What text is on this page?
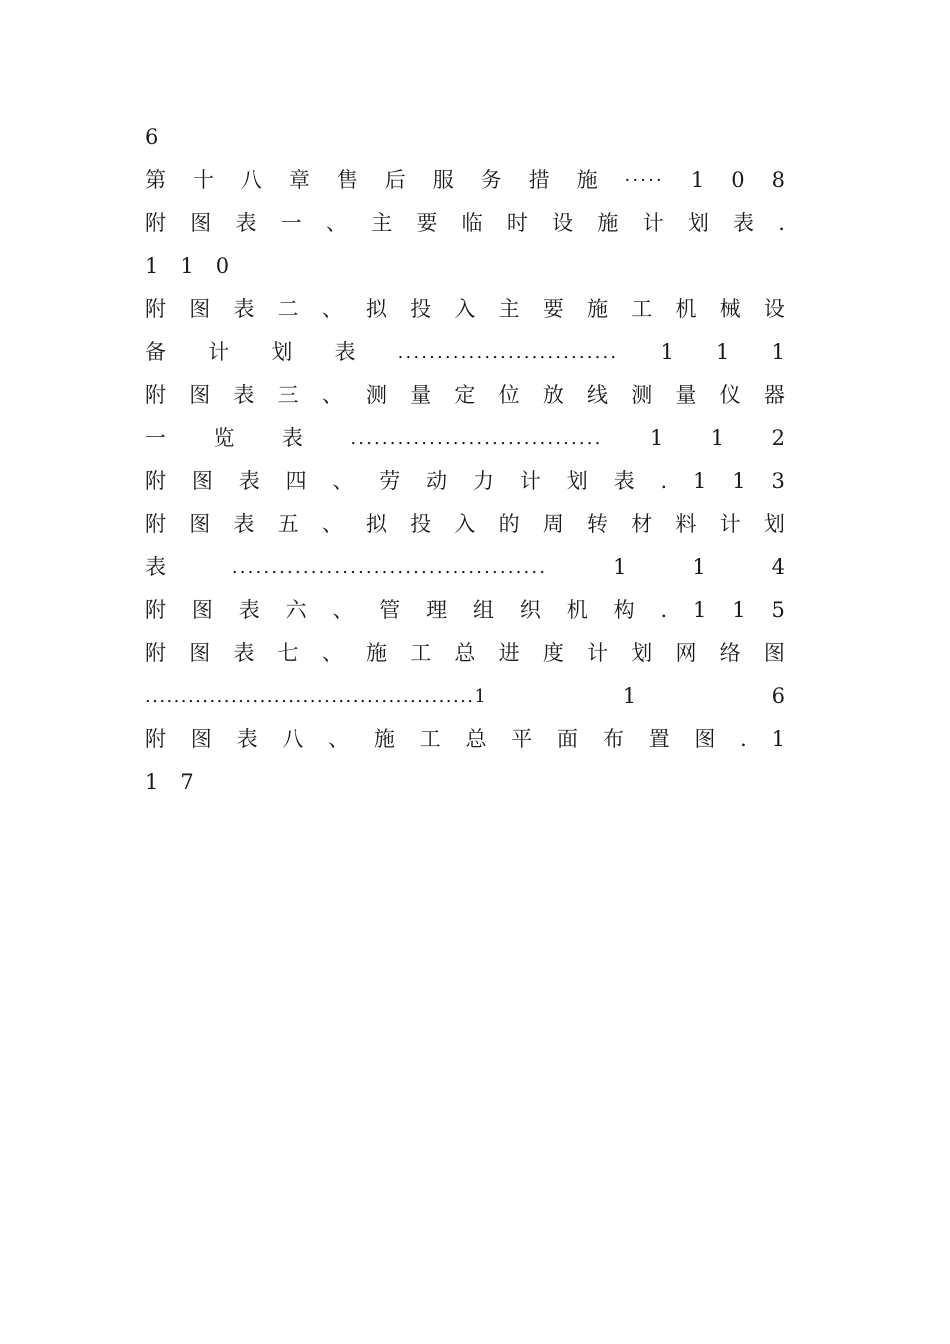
6
第 十 八 章 售 后 服 务 措 施 ····· 1 0 8
附 图 表 一 、 主 要 临 时 设 施 计 划 表 .
1 1 0
附 图 表 二 、 拟 投 入 主 要 施 工 机 械 设
备 计 划 表 ............................ 1 1 1
附 图 表 三 、 测 量 定 位 放 线 测 量 仪 器
一 览 表	................................ 1 1 2
附 图 表 四 、 劳 动 力 计 划 表 . 1 1 3
附 图 表 五 、 拟 投 入 的 周 转 材 料 计 划
表	........................................	1	1	4
附 图 表 六 、 管 理 组 织 机 构 . 1 1 5
附 图 表 七 、 施 工 总 进 度 计 划 网 络 图
..............................................1	1	6
附 图 表 八 、 施 工 总 平 面 布 置 图 . 1
1 7
